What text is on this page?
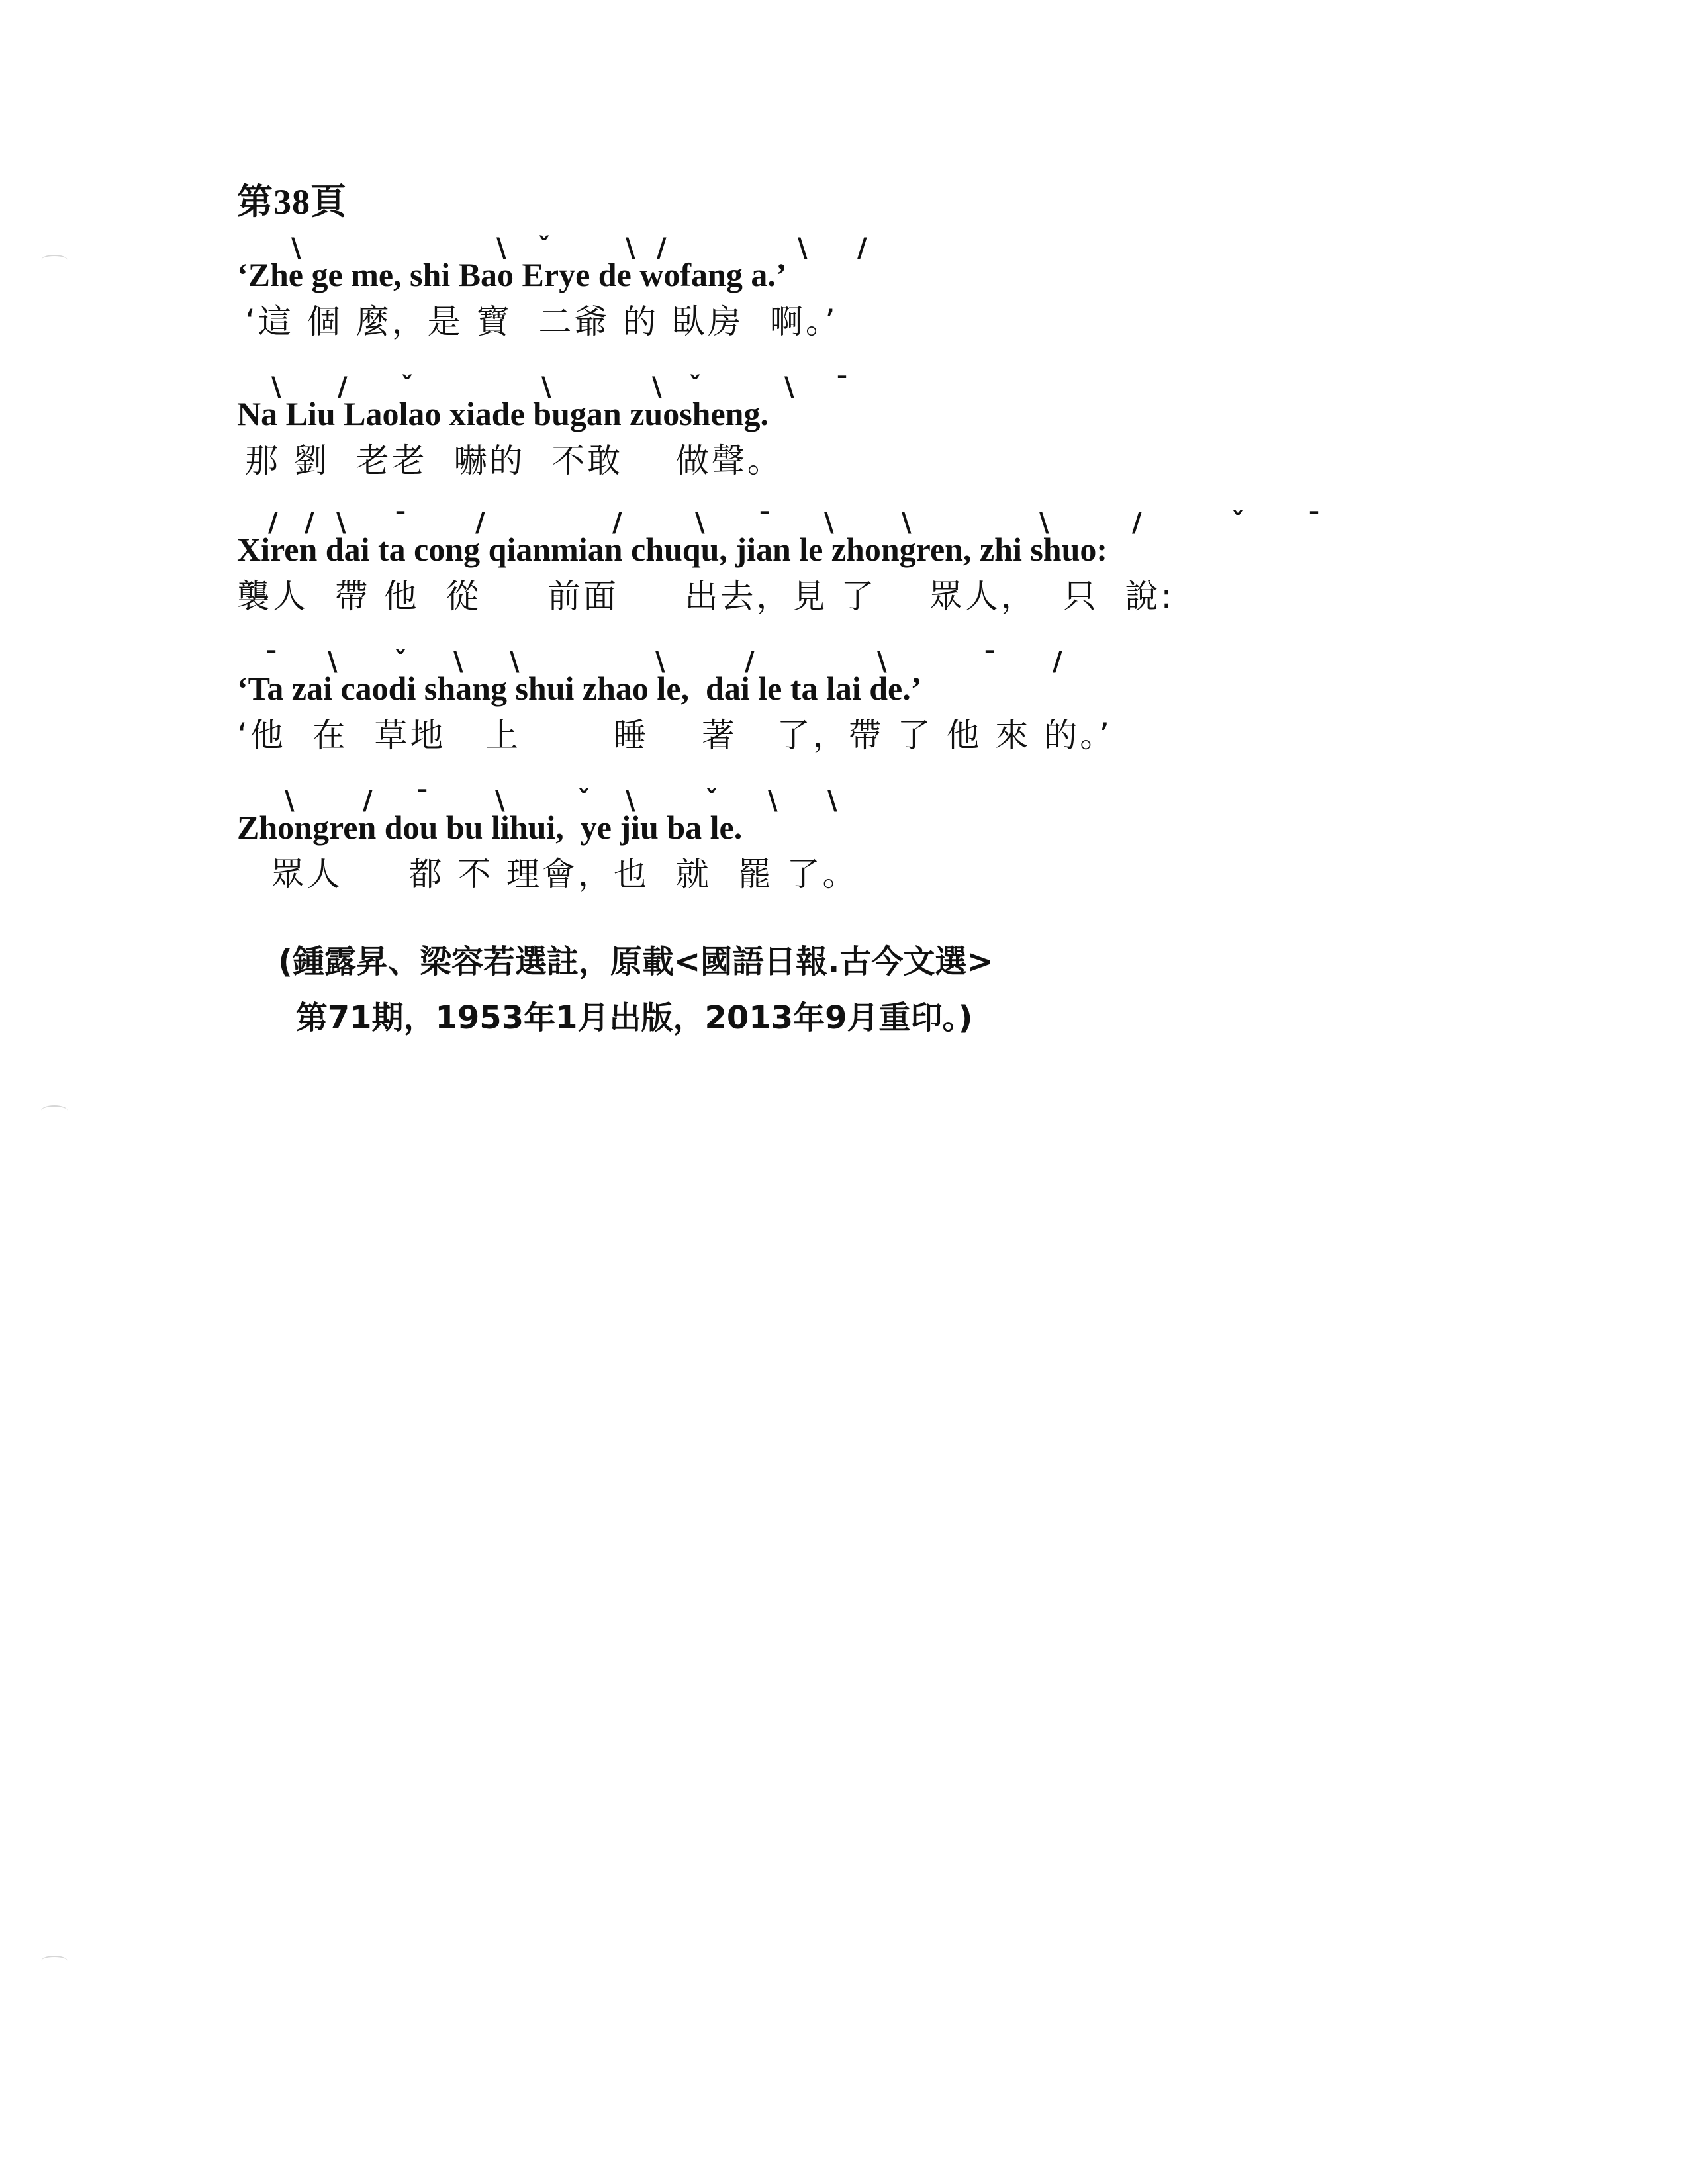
第38頁
\	\ ˇ	\ /	\ /
‘Zhe ge me, shi Bao Erye de wofang a.’
‘這 個 麼，是 寶  二爺 的 臥房  啊。’
\ / ˇ	\	\ ˇ	\ ¯
Na Liu Laolao xiade bugan zuosheng.
那 劉  老老  嚇的  不敢    做聲。
/ / \ ¯	/	/	\ ¯ \	\	\	/	ˇ ¯
Xiren dai ta cong qianmian chuqu, jian le zhongren, zhi shuo:
襲人  帶 他  從     前面     出去，見 了    眾人，  只  說:
¯ \ ˇ \ \	\	/	\	¯ /
‘Ta zai caodi shang shui zhao le,  dai le ta lai de.’
‘他  在  草地   上       睡    著   了，帶 了 他 來 的。’
\	/ ¯	\	ˇ \	ˇ \ \
Zhongren dou bu lihui,  ye jiu ba le.
眾人     都 不 理會，也  就  罷 了。
(鍾露昇、梁容若選註，原載<國語日報.古今文選>
第71期，1953年1月出版，2013年9月重印。)
